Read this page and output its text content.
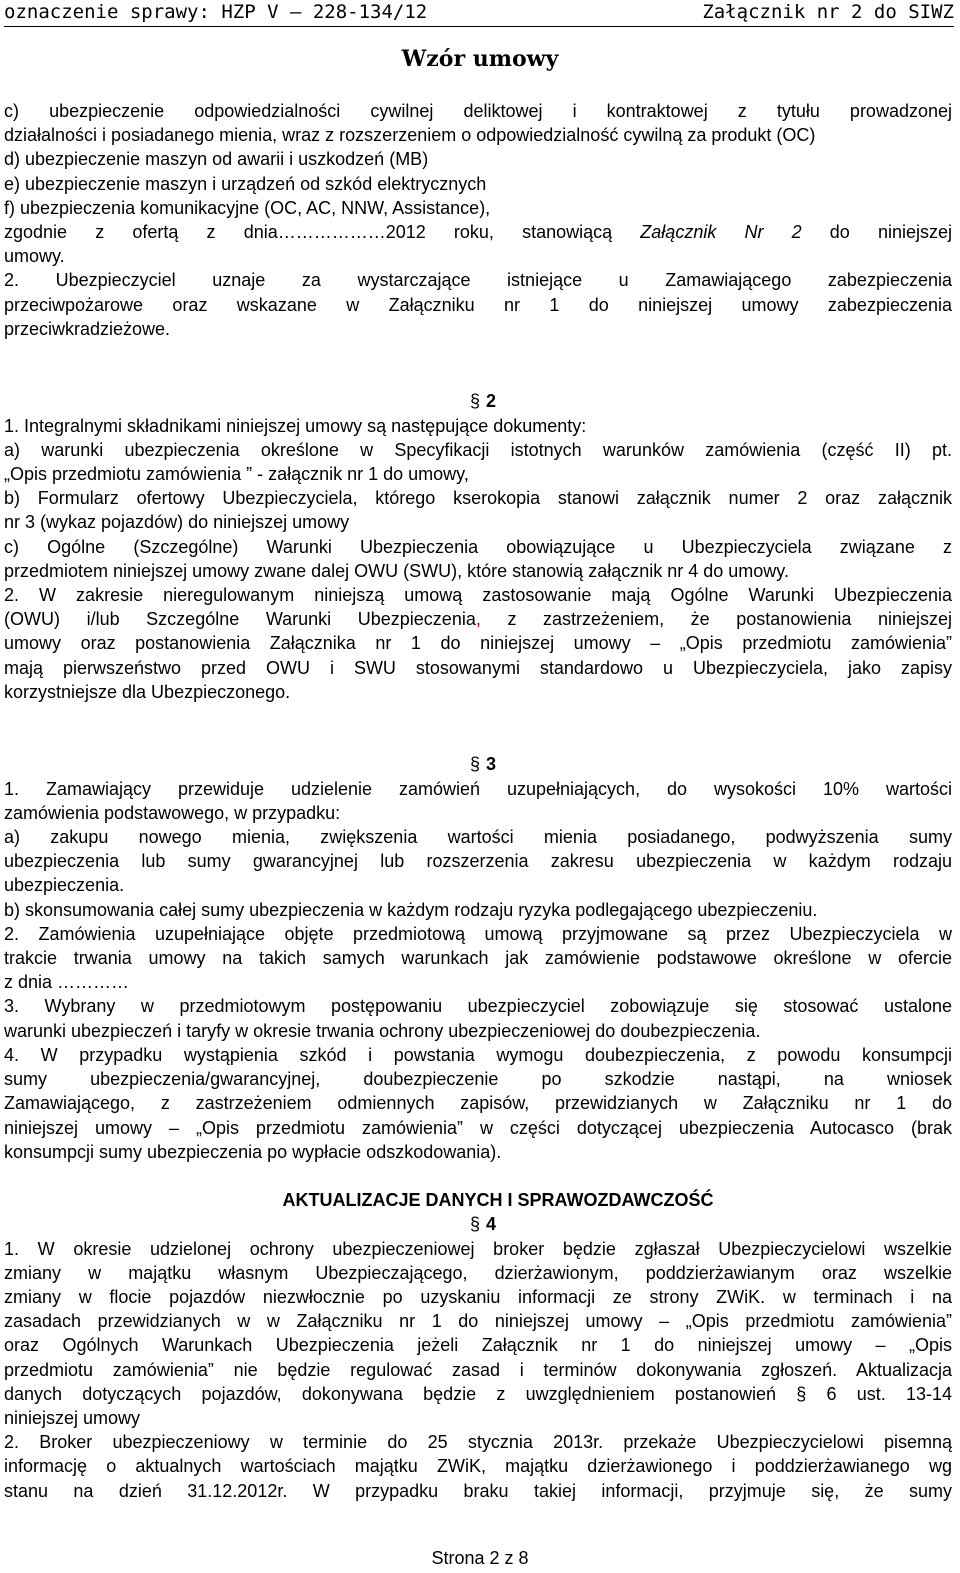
oznaczenie sprawy: HZP V – 228-134/12	Załącznik nr 2 do SIWZ
Wzór umowy

c) ubezpieczenie odpowiedzialności cywilnej deliktowej i kontraktowej z tytułu prowadzonej

działalności i posiadanego mienia, wraz z rozszerzeniem o odpowiedzialność cywilną za produkt (OC)

d) ubezpieczenie maszyn od awarii i uszkodzeń (MB)

e) ubezpieczenie maszyn i urządzeń od szkód elektrycznych

f) ubezpieczenia komunikacyjne (OC, AC, NNW, Assistance),

zgodnie z ofertą z dnia………………2012 roku, stanowiącą Załącznik Nr 2 do niniejszej

umowy.

2. Ubezpieczyciel uznaje za wystarczające istniejące u Zamawiającego zabezpieczenia

przeciwpożarowe oraz wskazane w Załączniku nr 1 do niniejszej umowy zabezpieczenia

przeciwkradzieżowe.

§ 2

1. Integralnymi składnikami niniejszej umowy są następujące dokumenty:

a) warunki ubezpieczenia określone w Specyfikacji istotnych warunków zamówienia (część II) pt.

„Opis przedmiotu zamówienia ” - załącznik nr 1 do umowy,

b) Formularz ofertowy Ubezpieczyciela, którego kserokopia stanowi załącznik numer 2 oraz załącznik

nr 3 (wykaz pojazdów) do niniejszej umowy

c) Ogólne (Szczególne) Warunki Ubezpieczenia obowiązujące u Ubezpieczyciela związane z

przedmiotem niniejszej umowy zwane dalej OWU (SWU), które stanowią załącznik nr 4 do umowy.

2. W zakresie nieregulowanym niniejszą umową zastosowanie mają Ogólne Warunki Ubezpieczenia

(OWU) i/lub Szczególne Warunki Ubezpieczenia, z zastrzeżeniem, że postanowienia niniejszej

umowy oraz postanowienia Załącznika nr 1 do niniejszej umowy – „Opis przedmiotu zamówienia”

mają pierwszeństwo przed OWU i SWU stosowanymi standardowo u Ubezpieczyciela, jako zapisy

korzystniejsze dla Ubezpieczonego.

§ 3

1. Zamawiający przewiduje udzielenie zamówień uzupełniających, do wysokości 10% wartości

zamówienia podstawowego, w przypadku:

a) zakupu nowego mienia, zwiększenia wartości mienia posiadanego, podwyższenia sumy

ubezpieczenia lub sumy gwarancyjnej lub rozszerzenia zakresu ubezpieczenia w każdym rodzaju

ubezpieczenia.

b) skonsumowania całej sumy ubezpieczenia w każdym rodzaju ryzyka podlegającego ubezpieczeniu.

2. Zamówienia uzupełniające objęte przedmiotową umową przyjmowane są przez Ubezpieczyciela w

trakcie trwania umowy na takich samych warunkach jak zamówienie podstawowe określone w ofercie

z dnia …………

3. Wybrany w przedmiotowym postępowaniu ubezpieczyciel zobowiązuje się stosować ustalone

warunki ubezpieczeń i taryfy w okresie trwania ochrony ubezpieczeniowej do doubezpieczenia.

4. W przypadku wystąpienia szkód i powstania wymogu doubezpieczenia, z powodu konsumpcji

sumy ubezpieczenia/gwarancyjnej, doubezpieczenie po szkodzie nastąpi, na wniosek

Zamawiającego, z zastrzeżeniem odmiennych zapisów, przewidzianych w Załączniku nr 1 do

niniejszej umowy – „Opis przedmiotu zamówienia” w części dotyczącej ubezpieczenia Autocasco (brak

konsumpcji sumy ubezpieczenia po wypłacie odszkodowania).

AKTUALIZACJE DANYCH I SPRAWOZDAWCZOŚĆ

§ 4

1. W okresie udzielonej ochrony ubezpieczeniowej broker będzie zgłaszał Ubezpieczycielowi wszelkie

zmiany w majątku własnym Ubezpieczającego, dzierżawionym, poddzierżawianym oraz wszelkie

zmiany w flocie pojazdów niezwłocznie po uzyskaniu informacji ze strony ZWiK. w terminach i na

zasadach przewidzianych w w Załączniku nr 1 do niniejszej umowy – „Opis przedmiotu zamówienia”

oraz Ogólnych Warunkach Ubezpieczenia jeżeli Załącznik nr 1 do niniejszej umowy – „Opis

przedmiotu zamówienia” nie będzie regulować zasad i terminów dokonywania zgłoszeń. Aktualizacja

danych dotyczących pojazdów, dokonywana będzie z uwzględnieniem postanowień § 6 ust. 13-14

niniejszej umowy

2. Broker ubezpieczeniowy w terminie do 25 stycznia 2013r. przekaże Ubezpieczycielowi pisemną

informację o aktualnych wartościach majątku ZWiK, majątku dzierżawionego i poddzierżawianego wg

stanu na dzień 31.12.2012r. W przypadku braku takiej informacji, przyjmuje się, że sumy

Strona 2 z 8
